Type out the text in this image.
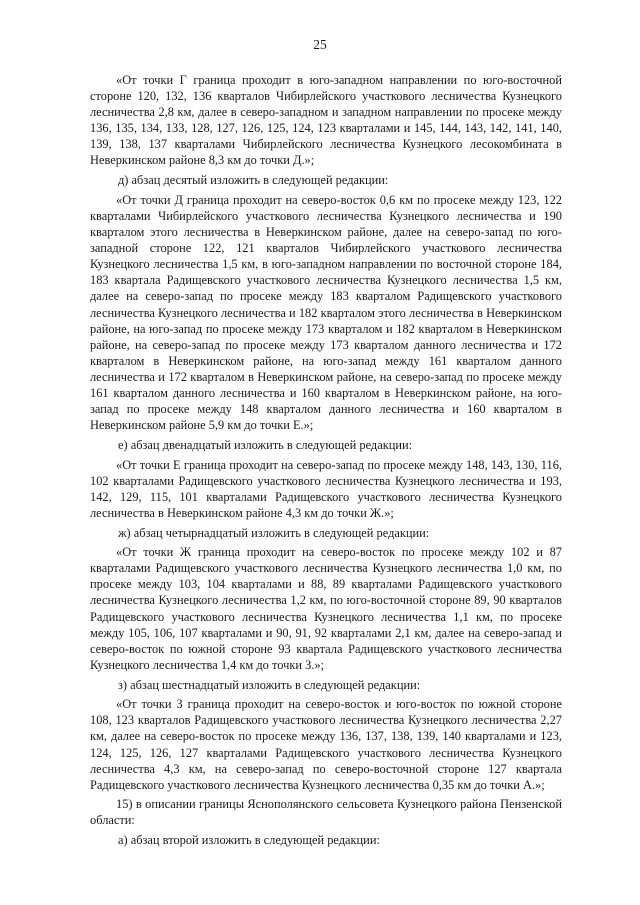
25

«От точки Г граница проходит в юго-западном направлении по юго-восточной стороне 120, 132, 136 кварталов Чибирлейского участкового лесничества Кузнецкого лесничества 2,8 км, далее в северо-западном и западном направлении по просеке между 136, 135, 134, 133, 128, 127, 126, 125, 124, 123 кварталами и 145, 144, 143, 142, 141, 140, 139, 138, 137 кварталами Чибирлейского лесничества Кузнецкого лесокомбината в Неверкинском районе 8,3 км до точки Д.»;

д) абзац десятый изложить в следующей редакции:

«От точки Д граница проходит на северо-восток 0,6 км по просеке между 123, 122 кварталами Чибирлейского участкового лесничества Кузнецкого лесничества и 190 кварталом этого лесничества в Неверкинском районе, далее на северо-запад по юго-западной стороне 122, 121 кварталов Чибирлейского участкового лесничества Кузнецкого лесничества 1,5 км, в юго-западном направлении по восточной стороне 184, 183 квартала Радищевского участкового лесничества Кузнецкого лесничества 1,5 км, далее на северо-запад по просеке между 183 кварталом Радищевского участкового лесничества Кузнецкого лесничества и 182 кварталом этого лесничества в Неверкинском районе, на юго-запад по просеке между 173 кварталом и 182 кварталом в Неверкинском районе, на северо-запад по просеке между 173 кварталом данного лесничества и 172 кварталом в Неверкинском районе, на юго-запад между 161 кварталом данного лесничества и 172 кварталом в Неверкинском районе, на северо-запад по просеке между 161 кварталом данного лесничества и 160 кварталом в Неверкинском районе, на юго-запад по просеке между 148 кварталом данного лесничества и 160 кварталом в Неверкинском районе 5,9 км до точки Е.»;

е) абзац двенадцатый изложить в следующей редакции:

«От точки Е граница проходит на северо-запад по просеке между 148, 143, 130, 116, 102 кварталами Радищевского участкового лесничества Кузнецкого лесничества и 193, 142, 129, 115, 101 кварталами Радищевского участкового лесничества Кузнецкого лесничества в Неверкинском районе 4,3 км до точки Ж.»;

ж) абзац четырнадцатый изложить в следующей редакции:

«От точки Ж граница проходит на северо-восток по просеке между 102 и 87 кварталами Радищевского участкового лесничества Кузнецкого лесничества 1,0 км, по просеке между 103, 104 кварталами и 88, 89 кварталами Радищевского участкового лесничества Кузнецкого лесничества 1,2 км, по юго-восточной стороне 89, 90 кварталов Радищевского участкового лесничества Кузнецкого лесничества 1,1 км, по просеке между 105, 106, 107 кварталами и 90, 91, 92 кварталами 2,1 км, далее на северо-запад и северо-восток по южной стороне 93 квартала Радищевского участкового лесничества Кузнецкого лесничества 1,4 км до точки З.»;

з) абзац шестнадцатый изложить в следующей редакции:

«От точки З граница проходит на северо-восток и юго-восток по южной стороне 108, 123 кварталов Радищевского участкового лесничества Кузнецкого лесничества 2,27 км, далее на северо-восток по просеке между 136, 137, 138, 139, 140 кварталами и 123, 124, 125, 126, 127 кварталами Радищевского участкового лесничества Кузнецкого лесничества 4,3 км, на северо-запад по северо-восточной стороне 127 квартала Радищевского участкового лесничества Кузнецкого лесничества 0,35 км до точки А.»;

15) в описании границы Яснополянского сельсовета Кузнецкого района Пензенской области:

а) абзац второй изложить в следующей редакции:
